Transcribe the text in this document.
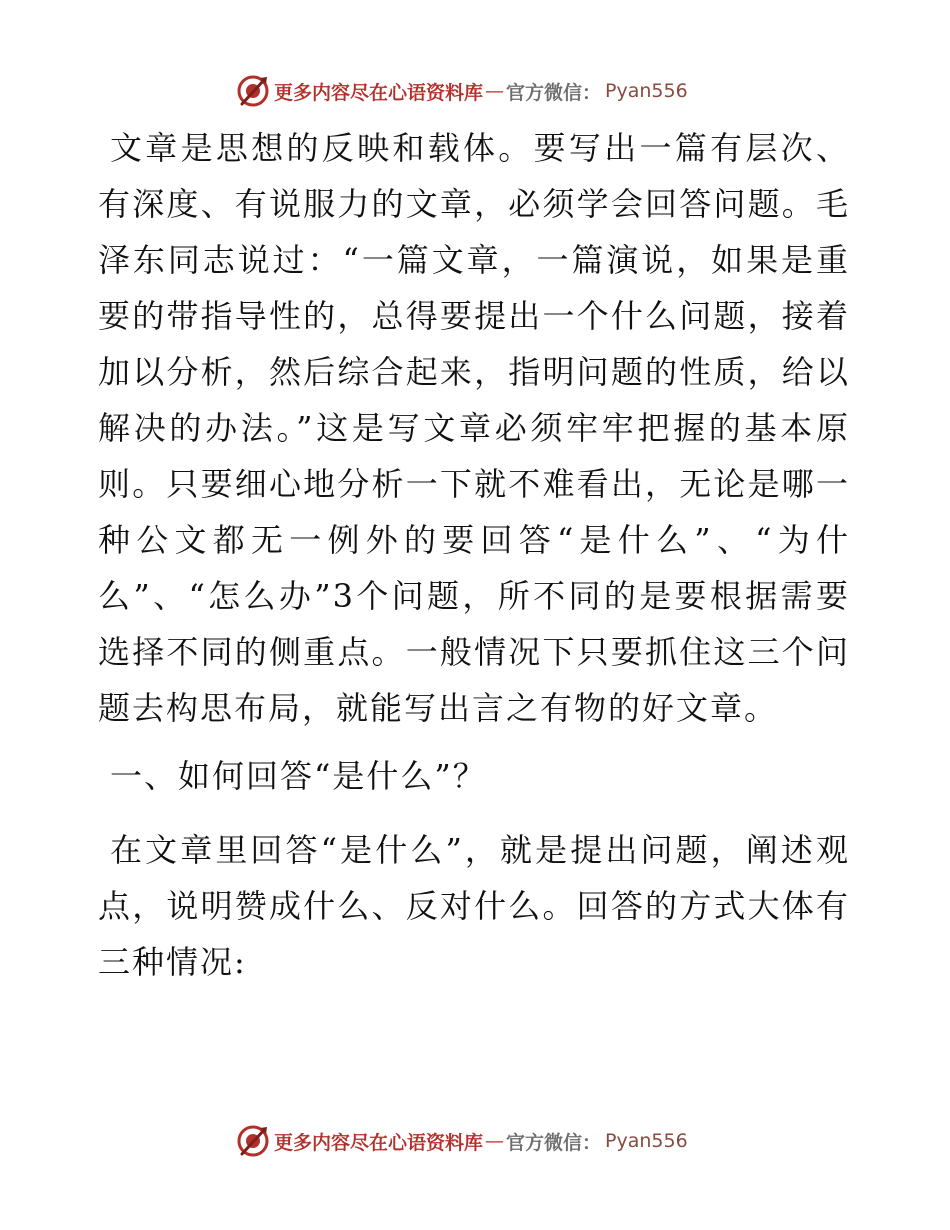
更多内容尽在心语资料库 — 官方微信： Pyan556

文章是思想的反映和载体。要写出一篇有层次、有深度、有说服力的文章，必须学会回答问题。毛泽东同志说过：“一篇文章，一篇演说，如果是重要的带指导性的，总得要提出一个什么问题，接着加以分析，然后综合起来，指明问题的性质，给以解决的办法。”这是写文章必须牢牢把握的基本原则。只要细心地分析一下就不难看出，无论是哪一种公文都无一例外的要回答“是什么”、“为什么”、“怎么办”3个问题，所不同的是要根据需要选择不同的侧重点。一般情况下只要抓住这三个问题去构思布局，就能写出言之有物的好文章。

一、如何回答“是什么”？

在文章里回答“是什么”，就是提出问题，阐述观点，说明赞成什么、反对什么。回答的方式大体有三种情况:

更多内容尽在心语资料库 — 官方微信： Pyan556
